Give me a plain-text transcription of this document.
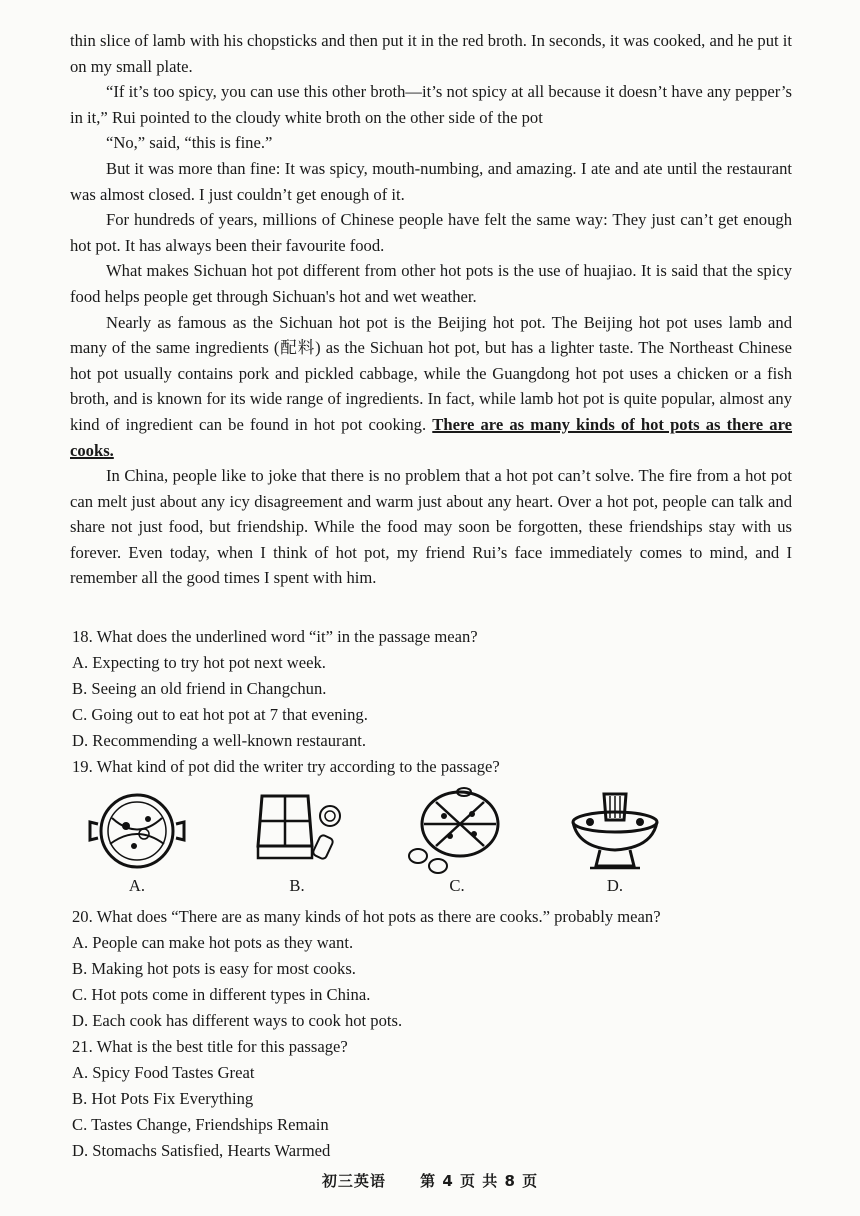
thin slice of lamb with his chopsticks and then put it in the red broth. In seconds, it was cooked, and he put it on my small plate.

“If it’s too spicy, you can use this other broth—it’s not spicy at all because it doesn’t have any pepper’s in it,” Rui pointed to the cloudy white broth on the other side of the pot

“No,” said, “this is fine.”

But it was more than fine: It was spicy, mouth-numbing, and amazing. I ate and ate until the restaurant was almost closed. I just couldn’t get enough of it.

For hundreds of years, millions of Chinese people have felt the same way: They just can’t get enough hot pot. It has always been their favourite food.

What makes Sichuan hot pot different from other hot pots is the use of huajiao. It is said that the spicy food helps people get through Sichuan's hot and wet weather.

Nearly as famous as the Sichuan hot pot is the Beijing hot pot. The Beijing hot pot uses lamb and many of the same ingredients (配料) as the Sichuan hot pot, but has a lighter taste. The Northeast Chinese hot pot usually contains pork and pickled cabbage, while the Guangdong hot pot uses a chicken or a fish broth, and is known for its wide range of ingredients. In fact, while lamb hot pot is quite popular, almost any kind of ingredient can be found in hot pot cooking. There are as many kinds of hot pots as there are cooks.

In China, people like to joke that there is no problem that a hot pot can’t solve. The fire from a hot pot can melt just about any icy disagreement and warm just about any heart. Over a hot pot, people can talk and share not just food, but friendship. While the food may soon be forgotten, these friendships stay with us forever. Even today, when I think of hot pot, my friend Rui’s face immediately comes to mind, and I remember all the good times I spent with him.

18. What does the underlined word “it” in the passage mean?

A. Expecting to try hot pot next week.

B. Seeing an old friend in Changchun.

C. Going out to eat hot pot at 7 that evening.

D. Recommending a well-known restaurant.

19. What kind of pot did the writer try according to the passage?

A.	B.	C.	D.

20. What does “There are as many kinds of hot pots as there are cooks.” probably mean?

A. People can make hot pots as they want.

B. Making hot pots is easy for most cooks.

C. Hot pots come in different types in China.

D. Each cook has different ways to cook hot pots.

21. What is the best title for this passage?

A. Spicy Food Tastes Great

B. Hot Pots Fix Everything

C. Tastes Change, Friendships Remain

D. Stomachs Satisfied, Hearts Warmed

初三英语 第 4 页 共 8 页
